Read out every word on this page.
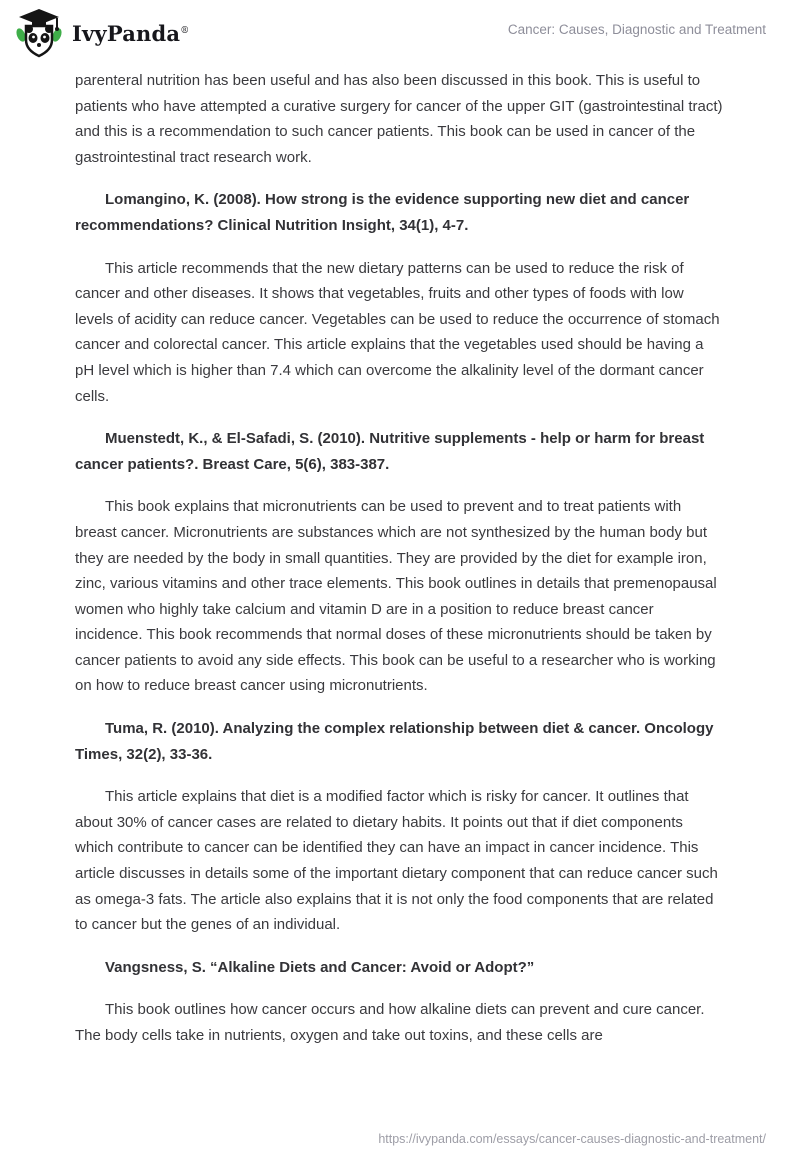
IvyPanda®	Cancer: Causes, Diagnostic and Treatment

parenteral nutrition has been useful and has also been discussed in this book. This is useful to patients who have attempted a curative surgery for cancer of the upper GIT (gastrointestinal tract) and this is a recommendation to such cancer patients. This book can be used in cancer of the gastrointestinal tract research work.

Lomangino, K. (2008). How strong is the evidence supporting new diet and cancer recommendations? Clinical Nutrition Insight, 34(1), 4-7.

This article recommends that the new dietary patterns can be used to reduce the risk of cancer and other diseases. It shows that vegetables, fruits and other types of foods with low levels of acidity can reduce cancer. Vegetables can be used to reduce the occurrence of stomach cancer and colorectal cancer. This article explains that the vegetables used should be having a pH level which is higher than 7.4 which can overcome the alkalinity level of the dormant cancer cells.

Muenstedt, K., & El-Safadi, S. (2010). Nutritive supplements - help or harm for breast cancer patients?. Breast Care, 5(6), 383-387.

This book explains that micronutrients can be used to prevent and to treat patients with breast cancer. Micronutrients are substances which are not synthesized by the human body but they are needed by the body in small quantities. They are provided by the diet for example iron, zinc, various vitamins and other trace elements. This book outlines in details that premenopausal women who highly take calcium and vitamin D are in a position to reduce breast cancer incidence. This book recommends that normal doses of these micronutrients should be taken by cancer patients to avoid any side effects. This book can be useful to a researcher who is working on how to reduce breast cancer using micronutrients.

Tuma, R. (2010). Analyzing the complex relationship between diet & cancer. Oncology Times, 32(2), 33-36.

This article explains that diet is a modified factor which is risky for cancer. It outlines that about 30% of cancer cases are related to dietary habits. It points out that if diet components which contribute to cancer can be identified they can have an impact in cancer incidence. This article discusses in details some of the important dietary component that can reduce cancer such as omega-3 fats. The article also explains that it is not only the food components that are related to cancer but the genes of an individual.

Vangsness, S. “Alkaline Diets and Cancer: Avoid or Adopt?”

This book outlines how cancer occurs and how alkaline diets can prevent and cure cancer. The body cells take in nutrients, oxygen and take out toxins, and these cells are

https://ivypanda.com/essays/cancer-causes-diagnostic-and-treatment/
